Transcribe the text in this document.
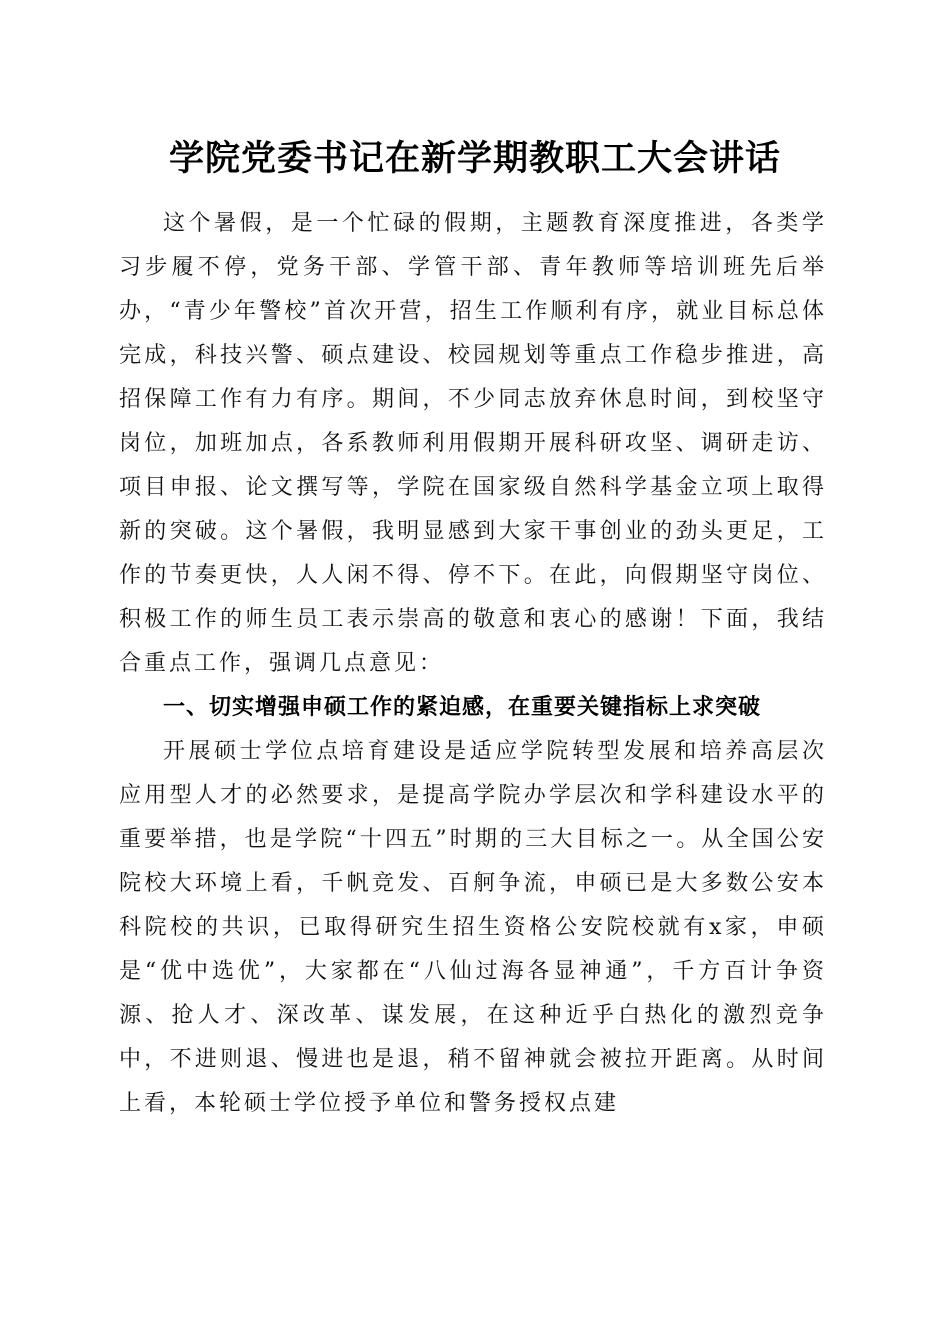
学院党委书记在新学期教职工大会讲话

这个暑假，是一个忙碌的假期，主题教育深度推进，各类学习步履不停，党务干部、学管干部、青年教师等培训班先后举办，“青少年警校”首次开营，招生工作顺利有序，就业目标总体完成，科技兴警、硕点建设、校园规划等重点工作稳步推进，高招保障工作有力有序。期间，不少同志放弃休息时间，到校坚守岗位，加班加点，各系教师利用假期开展科研攻坚、调研走访、项目申报、论文撰写等，学院在国家级自然科学基金立项上取得新的突破。这个暑假，我明显感到大家干事创业的劲头更足，工作的节奏更快，人人闲不得、停不下。在此，向假期坚守岗位、积极工作的师生员工表示崇高的敬意和衷心的感谢！下面，我结合重点工作，强调几点意见：

一、切实增强申硕工作的紧迫感，在重要关键指标上求突破

开展硕士学位点培育建设是适应学院转型发展和培养高层次应用型人才的必然要求，是提高学院办学层次和学科建设水平的重要举措，也是学院“十四五”时期的三大目标之一。从全国公安院校大环境上看，千帆竞发、百舸争流，申硕已是大多数公安本科院校的共识，已取得研究生招生资格公安院校就有x家，申硕是“优中选优”，大家都在“八仙过海各显神通”，千方百计争资源、抢人才、深改革、谋发展，在这种近乎白热化的激烈竞争中，不进则退、慢进也是退，稍不留神就会被拉开距离。从时间上看，本轮硕士学位授予单位和警务授权点建
